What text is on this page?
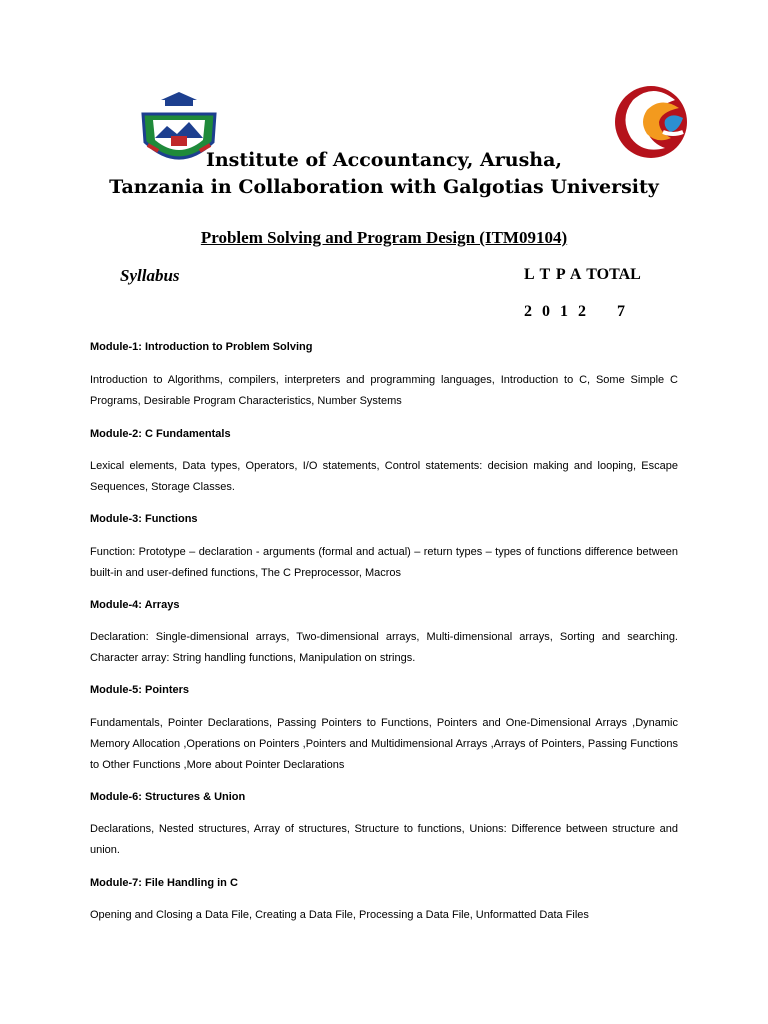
Institute of Accountancy, Arusha,
Tanzania in Collaboration with Galgotias University
Problem Solving and Program Design (ITM09104)
Syllabus	L T P A TOTAL
2 0 1 2    7
Module-1: Introduction to Problem Solving
Introduction to Algorithms, compilers, interpreters and programming languages, Introduction to C, Some Simple C Programs, Desirable Program Characteristics, Number Systems
Module-2: C Fundamentals
Lexical elements, Data types, Operators, I/O statements, Control statements: decision making and looping, Escape Sequences, Storage Classes.
Module-3: Functions
Function: Prototype – declaration - arguments (formal and actual) – return types – types of functions difference between built-in and user-defined functions, The C Preprocessor, Macros
Module-4: Arrays
Declaration: Single-dimensional arrays, Two-dimensional arrays, Multi-dimensional arrays, Sorting and searching. Character array: String handling functions, Manipulation on strings.
Module-5: Pointers
Fundamentals, Pointer Declarations, Passing Pointers to Functions, Pointers and One-Dimensional Arrays ,Dynamic Memory Allocation ,Operations on Pointers ,Pointers and Multidimensional Arrays ,Arrays of Pointers, Passing Functions to Other Functions ,More about Pointer Declarations
Module-6: Structures & Union
Declarations, Nested structures, Array of structures, Structure to functions, Unions: Difference between structure and union.
Module-7: File Handling in C
Opening and Closing a Data File, Creating a Data File, Processing a Data File, Unformatted Data Files
